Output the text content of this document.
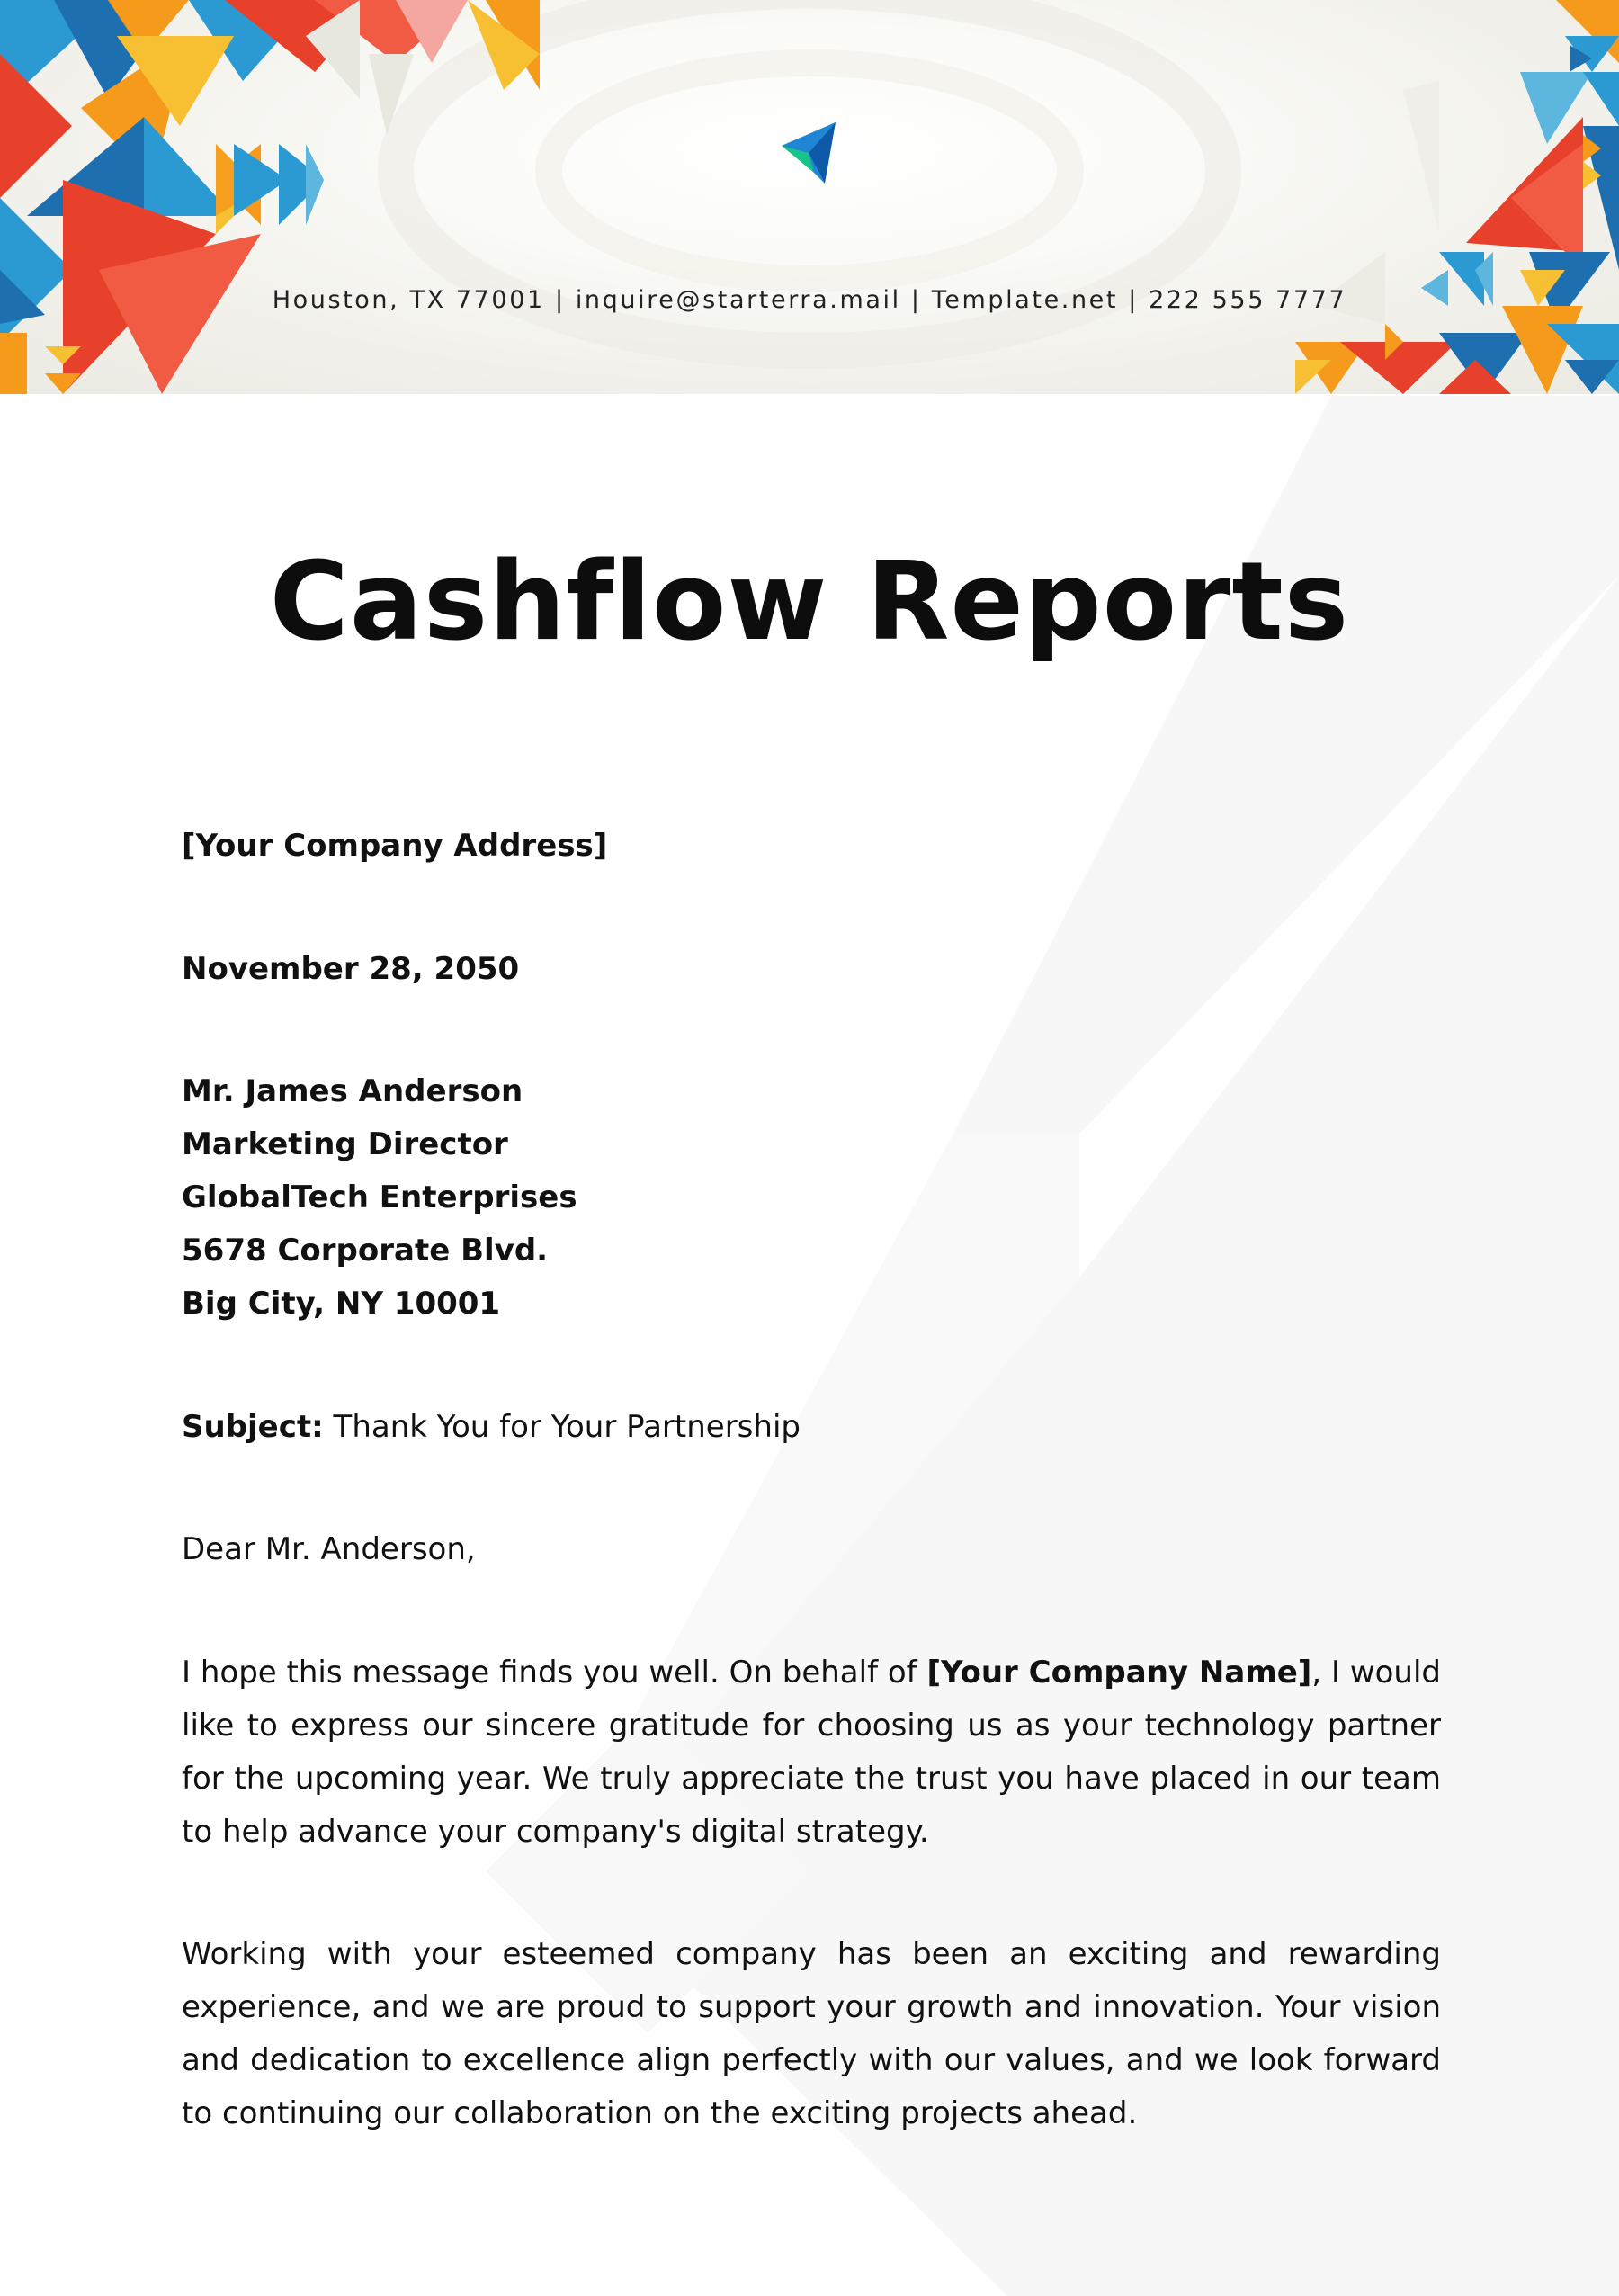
Houston, TX 77001 | inquire@starterra.mail | Template.net | 222 555 7777
Cashflow Reports
[Your Company Address]
November 28, 2050
Mr. James Anderson
Marketing Director
GlobalTech Enterprises
5678 Corporate Blvd.
Big City, NY 10001
Subject: Thank You for Your Partnership
Dear Mr. Anderson,
I hope this message finds you well. On behalf of [Your Company Name], I would like to express our sincere gratitude for choosing us as your technology partner for the upcoming year. We truly appreciate the trust you have placed in our team to help advance your company's digital strategy.
Working with your esteemed company has been an exciting and rewarding experience, and we are proud to support your growth and innovation. Your vision and dedication to excellence align perfectly with our values, and we look forward to continuing our collaboration on the exciting projects ahead.
